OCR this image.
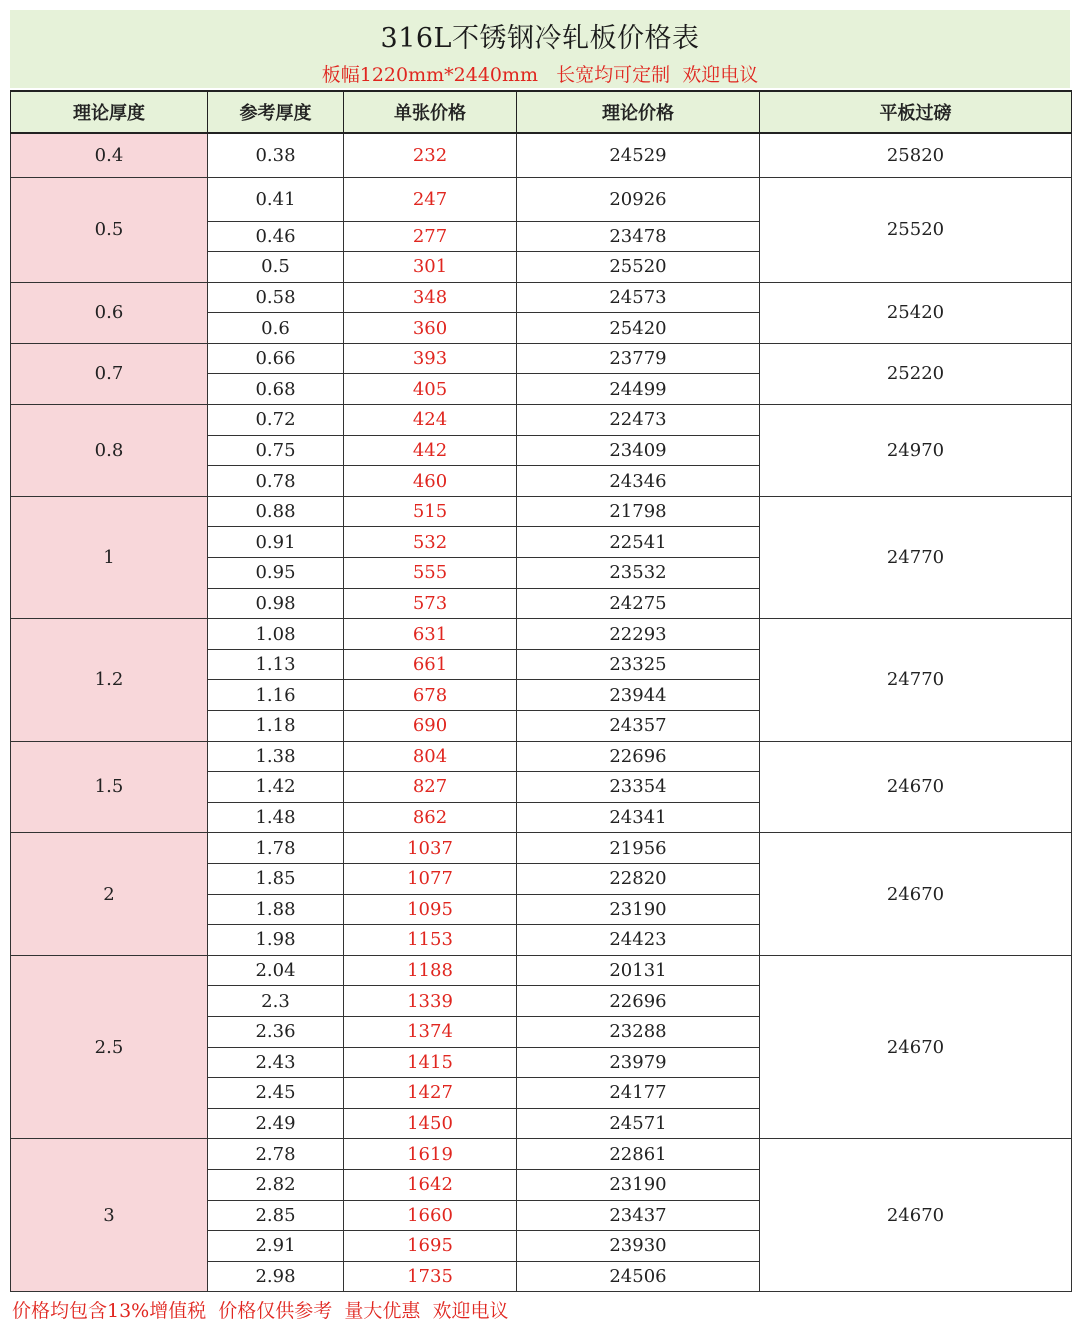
316L不锈钢冷轧板价格表
板幅1220mm*2440mm   长宽均可定制  欢迎电议
理论厚度	参考厚度	单张价格	理论价格	平板过磅
0.4	0.38	232	24529	25820
0.5	0.41	247	20926	25520
	0.46	277	23478	
	0.5	301	25520	
0.6	0.58	348	24573	25420
	0.6	360	25420	
0.7	0.66	393	23779	25220
	0.68	405	24499	
0.8	0.72	424	22473	24970
	0.75	442	23409	
	0.78	460	24346	
1	0.88	515	21798	24770
	0.91	532	22541	
	0.95	555	23532	
	0.98	573	24275	
1.2	1.08	631	22293	24770
	1.13	661	23325	
	1.16	678	23944	
	1.18	690	24357	
1.5	1.38	804	22696	24670
	1.42	827	23354	
	1.48	862	24341	
2	1.78	1037	21956	24670
	1.85	1077	22820	
	1.88	1095	23190	
	1.98	1153	24423	
2.5	2.04	1188	20131	24670
	2.3	1339	22696	
	2.36	1374	23288	
	2.43	1415	23979	
	2.45	1427	24177	
	2.49	1450	24571	
3	2.78	1619	22861	24670
	2.82	1642	23190	
	2.85	1660	23437	
	2.91	1695	23930	
	2.98	1735	24506	
价格均包含13%增值税  价格仅供参考  量大优惠  欢迎电议
